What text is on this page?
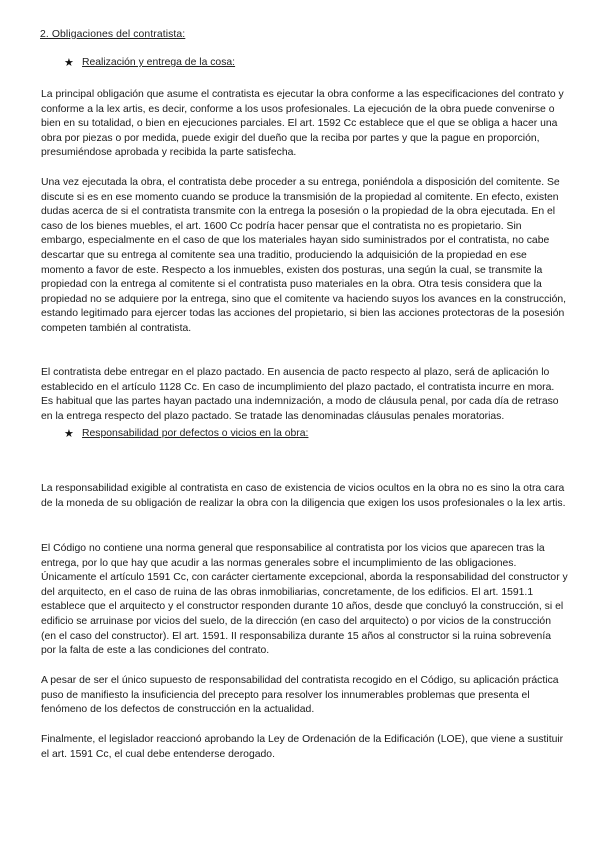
2. Obligaciones del contratista:
★ Realización y entrega de la cosa:

La principal obligación que asume el contratista es ejecutar la obra conforme a las especificaciones del contrato y conforme a la lex artis, es decir, conforme a los usos profesionales. La ejecución de la obra puede convenirse o bien en su totalidad, o bien en ejecuciones parciales. El art. 1592 Cc establece que el que se obliga a hacer una obra por piezas o por medida, puede exigir del dueño que la reciba por partes y que la pague en proporción, presumiéndose aprobada y recibida la parte satisfecha.

Una vez ejecutada la obra, el contratista debe proceder a su entrega, poniéndola a disposición del comitente. Se discute si es en ese momento cuando se produce la transmisión de la propiedad al comitente. En efecto, existen dudas acerca de si el contratista transmite con la entrega la posesión o la propiedad de la obra ejecutada. En el caso de los bienes muebles, el art. 1600 Cc podría hacer pensar que el contratista no es propietario. Sin embargo, especialmente en el caso de que los materiales hayan sido suministrados por el contratista, no cabe descartar que su entrega al comitente sea una traditio, produciendo la adquisición de la propiedad en ese momento a favor de este. Respecto a los inmuebles, existen dos posturas, una según la cual, se transmite la propiedad con la entrega al comitente si el contratista puso materiales en la obra. Otra tesis considera que la propiedad no se adquiere por la entrega, sino que el comitente va haciendo suyos los avances en la construcción, estando legitimado para ejercer todas las acciones del propietario, si bien las acciones protectoras de la posesión competen también al contratista.

El contratista debe entregar en el plazo pactado. En ausencia de pacto respecto al plazo, será de aplicación lo establecido en el artículo 1128 Cc. En caso de incumplimiento del plazo pactado, el contratista incurre en mora. Es habitual que las partes hayan pactado una indemnización, a modo de cláusula penal, por cada día de retraso en la entrega respecto del plazo pactado. Se tratade las denominadas cláusulas penales moratorias.

★ Responsabilidad por defectos o vicios en la obra:

La responsabilidad exigible al contratista en caso de existencia de vicios ocultos en la obra no es sino la otra cara de la moneda de su obligación de realizar la obra con la diligencia que exigen los usos profesionales o la lex artis.

El Código no contiene una norma general que responsabilice al contratista por los vicios que aparecen tras la entrega, por lo que hay que acudir a las normas generales sobre el incumplimiento de las obligaciones. Únicamente el artículo 1591 Cc, con carácter ciertamente excepcional, aborda la responsabilidad del constructor y del arquitecto, en el caso de ruina de las obras inmobiliarias, concretamente, de los edificios. El art. 1591.1 establece que el arquitecto y el constructor responden durante 10 años, desde que concluyó la construcción, si el edificio se arruinase por vicios del suelo, de la dirección (en caso del arquitecto) o por vicios de la construcción (en el caso del constructor). El art. 1591. II responsabiliza durante 15 años al constructor si la ruina sobrevenía por la falta de este a las condiciones del contrato.

A pesar de ser el único supuesto de responsabilidad del contratista recogido en el Código, su aplicación práctica puso de manifiesto la insuficiencia del precepto para resolver los innumerables problemas que presenta el fenómeno de los defectos de construcción en la actualidad.

Finalmente, el legislador reaccionó aprobando la Ley de Ordenación de la Edificación (LOE), que viene a sustituir el art. 1591 Cc, el cual debe entenderse derogado.
